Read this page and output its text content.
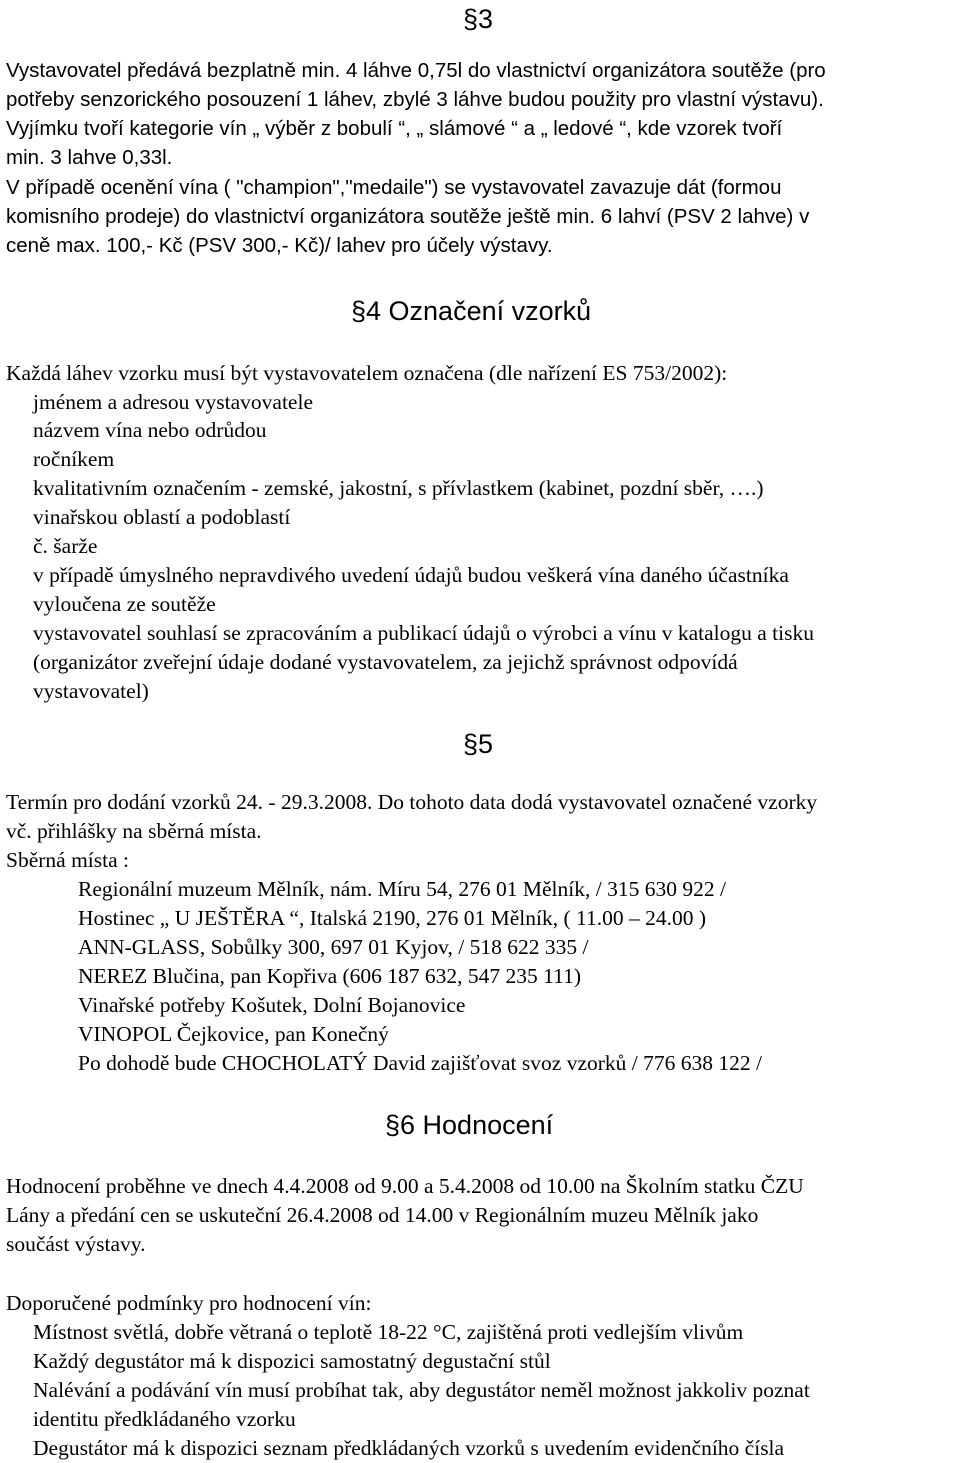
§3
Vystavovatel předává bezplatně min. 4 láhve 0,75l do vlastnictví organizátora soutěže (pro
potřeby senzorického posouzení 1 láhev, zbylé 3 láhve budou použity pro vlastní výstavu).
Vyjímku tvoří kategorie vín „ výběr z bobulí “, „ slámové “ a „ ledové “, kde vzorek tvoří
min. 3 lahve 0,33l.
V případě ocenění vína ( "champion","medaile") se vystavovatel zavazuje dát (formou
komisního prodeje) do vlastnictví organizátora soutěže ještě min. 6 lahví (PSV 2 lahve) v
ceně max. 100,- Kč (PSV 300,- Kč)/ lahev pro účely výstavy.
§4 Označení vzorků
Každá láhev vzorku musí být vystavovatelem označena (dle nařízení ES 753/2002):
jménem a adresou vystavovatele
názvem vína nebo odrůdou
ročníkem
kvalitativním označením - zemské, jakostní, s přívlastkem (kabinet, pozdní sběr, ….)
vinařskou oblastí a podoblastí
č. šarže
v případě úmyslného nepravdivého uvedení údajů budou veškerá vína daného účastníka
vyloučena ze soutěže
vystavovatel souhlasí se zpracováním a publikací údajů o výrobci a vínu v katalogu a tisku
(organizátor zveřejní údaje dodané vystavovatelem, za jejichž správnost odpovídá
vystavovatel)
§5
Termín pro dodání vzorků 24. - 29.3.2008. Do tohoto data dodá vystavovatel označené vzorky
vč. přihlášky na sběrná místa.
Sběrná místa :
Regionální muzeum Mělník, nám. Míru 54, 276 01 Mělník, / 315 630 922 /
Hostinec „ U JEŠTĚRA “, Italská 2190, 276 01 Mělník, ( 11.00 – 24.00 )
ANN-GLASS, Sobůlky 300, 697 01 Kyjov, / 518 622 335 /
NEREZ Blučina, pan Kopřiva (606 187 632, 547 235 111)
Vinařské potřeby Košutek, Dolní Bojanovice
VINOPOL Čejkovice, pan Konečný
Po dohodě bude CHOCHOLATÝ David zajišťovat svoz vzorků / 776 638 122 /
§6 Hodnocení
Hodnocení proběhne ve dnech 4.4.2008 od 9.00 a 5.4.2008 od 10.00 na Školním statku ČZU
Lány a předání cen se uskuteční 26.4.2008 od 14.00 v Regionálním muzeu Mělník jako
součást výstavy.
Doporučené podmínky pro hodnocení vín:
Místnost světlá, dobře větraná o teplotě 18-22 °C, zajištěná proti vedlejším vlivům
Každý degustátor má k dispozici samostatný degustační stůl
Nalévání a podávání vín musí probíhat tak, aby degustátor neměl možnost jakkoliv poznat
identitu předkládaného vzorku
Degustátor má k dispozici seznam předkládaných vzorků s uvedením evidenčního čísla
